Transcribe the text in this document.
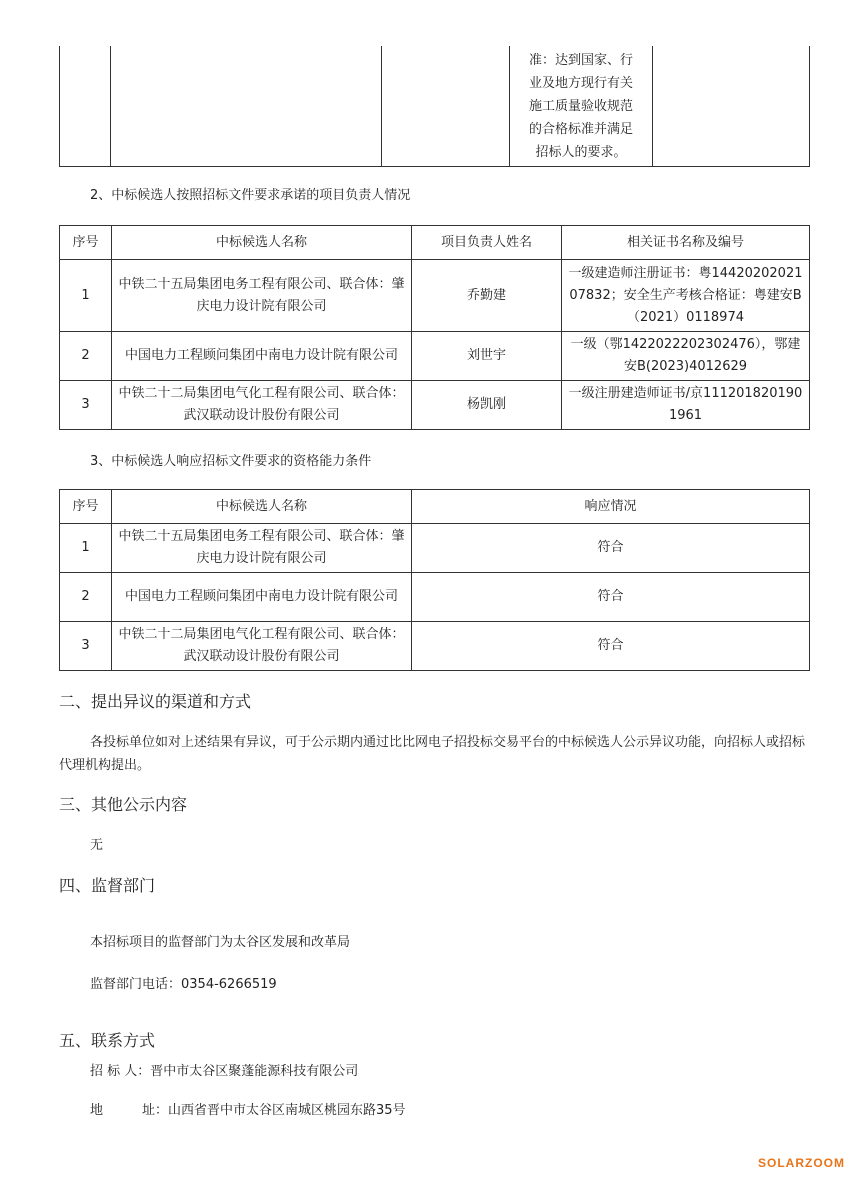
准：达到国家、行
业及地方现行有关
施工质量验收规范
的合格标准并满足
招标人的要求。

2、中标候选人按照招标文件要求承诺的项目负责人情况
序号	中标候选人名称	项目负责人姓名	相关证书名称及编号
1	中铁二十五局集团电务工程有限公司、联合体：肇庆电力设计院有限公司	乔勤建	一级建造师注册证书：粤1442020202107832；安全生产考核合格证：粤建安B（2021）0118974
2	中国电力工程顾问集团中南电力设计院有限公司	刘世宇	一级（鄂1422022202302476），鄂建安B(2023)4012629
3	中铁二十二局集团电气化工程有限公司、联合体：武汉联动设计股份有限公司	杨凯刚	一级注册建造师证书/京1112018201901961
3、中标候选人响应招标文件要求的资格能力条件
序号	中标候选人名称	响应情况
1	中铁二十五局集团电务工程有限公司、联合体：肇庆电力设计院有限公司	符合
2	中国电力工程顾问集团中南电力设计院有限公司	符合
3	中铁二十二局集团电气化工程有限公司、联合体：武汉联动设计股份有限公司	符合
二、提出异议的渠道和方式
各投标单位如对上述结果有异议，可于公示期内通过比比网电子招投标交易平台的中标候选人公示异议功能，向招标人或招标代理机构提出。
三、其他公示内容
无
四、监督部门
本招标项目的监督部门为太谷区发展和改革局
监督部门电话：0354-6266519
五、联系方式
招 标 人：晋中市太谷区聚蓬能源科技有限公司
地　　　址：山西省晋中市太谷区南城区桃园东路35号
SOLARZOOM
